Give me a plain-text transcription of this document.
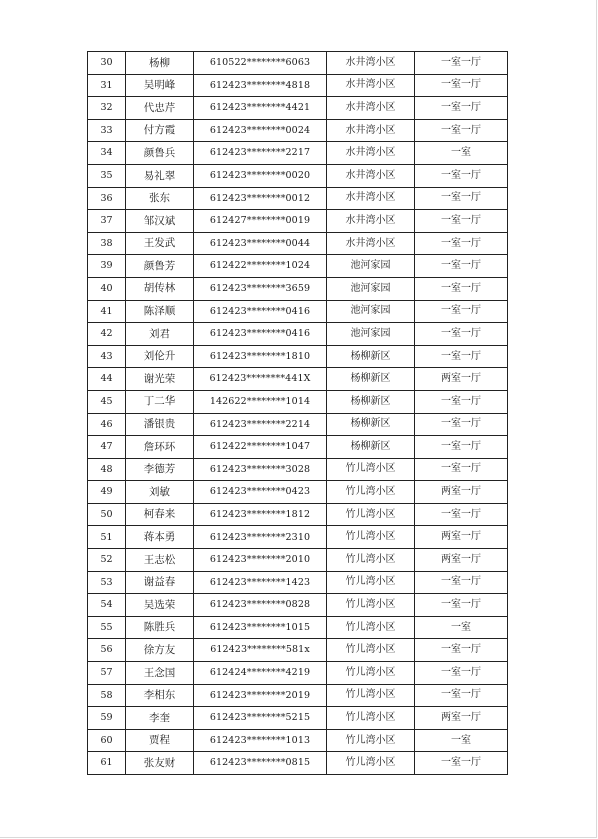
30	杨柳	610522********6063	水井湾小区	一室一厅
31	吴明峰	612423********4818	水井湾小区	一室一厅
32	代忠芹	612423********4421	水井湾小区	一室一厅
33	付方霞	612423********0024	水井湾小区	一室一厅
34	颜鲁兵	612423********2217	水井湾小区	一室
35	易礼翠	612423********0020	水井湾小区	一室一厅
36	张东	612423********0012	水井湾小区	一室一厅
37	邹汉斌	612427********0019	水井湾小区	一室一厅
38	王发武	612423********0044	水井湾小区	一室一厅
39	颜鲁芳	612422********1024	池河家园	一室一厅
40	胡传林	612423********3659	池河家园	一室一厅
41	陈泽顺	612423********0416	池河家园	一室一厅
42	刘君	612423********0416	池河家园	一室一厅
43	刘伦升	612423********1810	杨柳新区	一室一厅
44	谢光荣	612423********441X	杨柳新区	两室一厅
45	丁二华	142622********1014	杨柳新区	一室一厅
46	潘银贵	612423********2214	杨柳新区	一室一厅
47	詹环环	612422********1047	杨柳新区	一室一厅
48	李德芳	612423********3028	竹儿湾小区	一室一厅
49	刘敏	612423********0423	竹儿湾小区	两室一厅
50	柯春来	612423********1812	竹儿湾小区	一室一厅
51	蒋本勇	612423********2310	竹儿湾小区	两室一厅
52	王志松	612423********2010	竹儿湾小区	两室一厅
53	谢益春	612423********1423	竹儿湾小区	一室一厅
54	吴选荣	612423********0828	竹儿湾小区	一室一厅
55	陈胜兵	612423********1015	竹儿湾小区	一室
56	徐方友	612423********581x	竹儿湾小区	一室一厅
57	王念国	612424********4219	竹儿湾小区	一室一厅
58	李相东	612423********2019	竹儿湾小区	一室一厅
59	李奎	612423********5215	竹儿湾小区	两室一厅
60	贾程	612423********1013	竹儿湾小区	一室
61	张友财	612423********0815	竹儿湾小区	一室一厅
